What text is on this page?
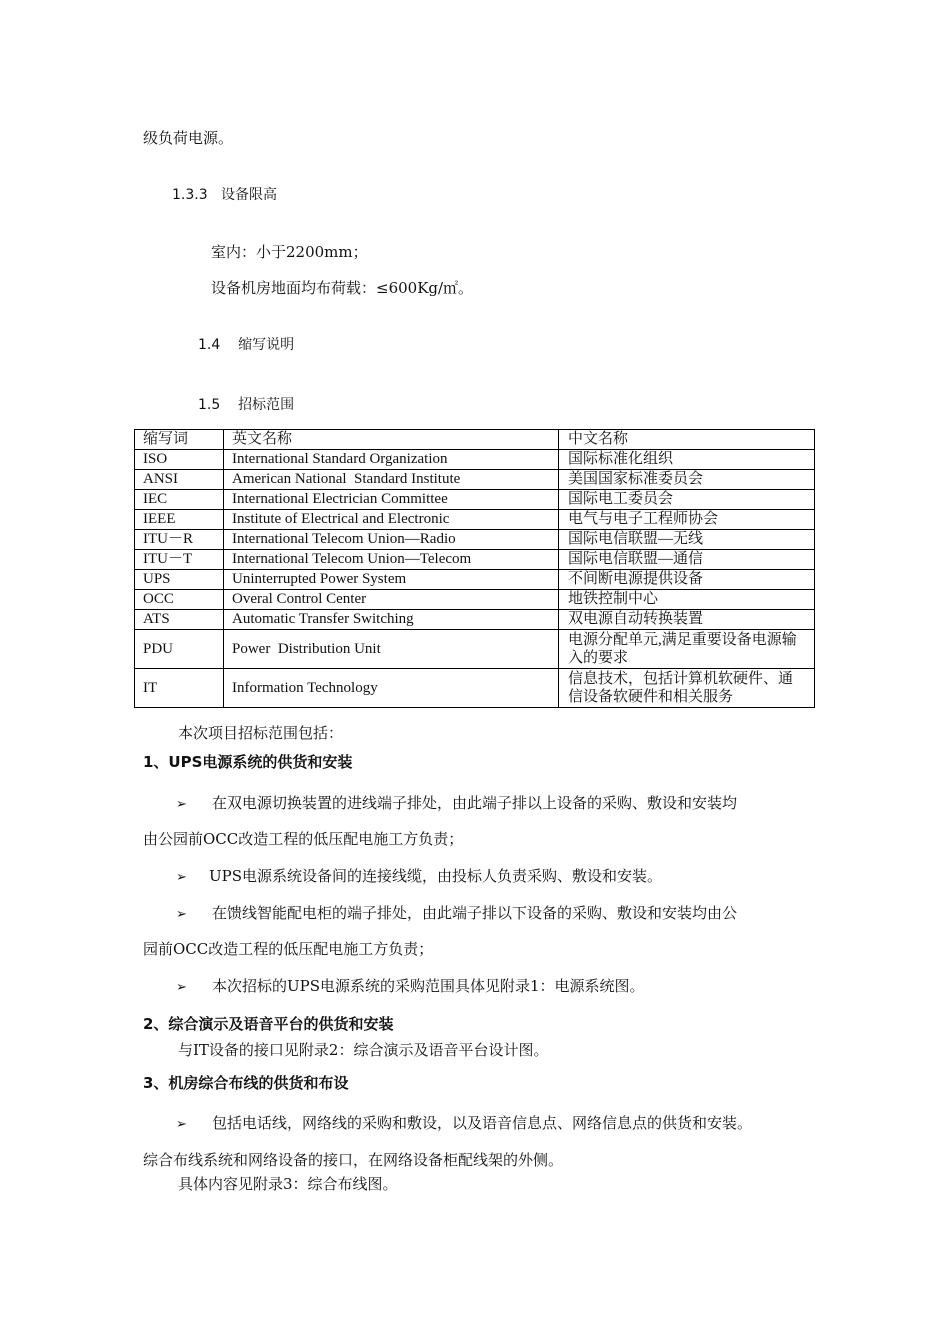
级负荷电源。
1.3.3 设备限高
室内：小于2200mm；
设备机房地面均布荷载：≤600Kg/㎡。
1.4 缩写说明
1.5 招标范围
缩写词	英文名称	中文名称
ISO	International Standard Organization	国际标准化组织
ANSI	American National  Standard Institute	美国国家标准委员会
IEC	International Electrician Committee	国际电工委员会
IEEE	Institute of Electrical and Electronic	电气与电子工程师协会
ITU－R	International Telecom Union—Radio	国际电信联盟—无线
ITU－T	International Telecom Union—Telecom	国际电信联盟—通信
UPS	Uninterrupted Power System	不间断电源提供设备
OCC	Overal Control Center	地铁控制中心
ATS	Automatic Transfer Switching	双电源自动转换装置
PDU	Power  Distribution Unit	电源分配单元,满足重要设备电源输入的要求
IT	Information Technology	信息技术，包括计算机软硬件、通信设备软硬件和相关服务
本次项目招标范围包括：
1、UPS电源系统的供货和安装
➢ 在双电源切换装置的进线端子排处，由此端子排以上设备的采购、敷设和安装均
由公园前OCC改造工程的低压配电施工方负责；
➢ UPS电源系统设备间的连接线缆，由投标人负责采购、敷设和安装。
➢ 在馈线智能配电柜的端子排处，由此端子排以下设备的采购、敷设和安装均由公
园前OCC改造工程的低压配电施工方负责；
➢ 本次招标的UPS电源系统的采购范围具体见附录1：电源系统图。
2、综合演示及语音平台的供货和安装
与IT设备的接口见附录2：综合演示及语音平台设计图。
3、机房综合布线的供货和布设
➢ 包括电话线，网络线的采购和敷设，以及语音信息点、网络信息点的供货和安装。
综合布线系统和网络设备的接口，在网络设备柜配线架的外侧。
具体内容见附录3：综合布线图。
